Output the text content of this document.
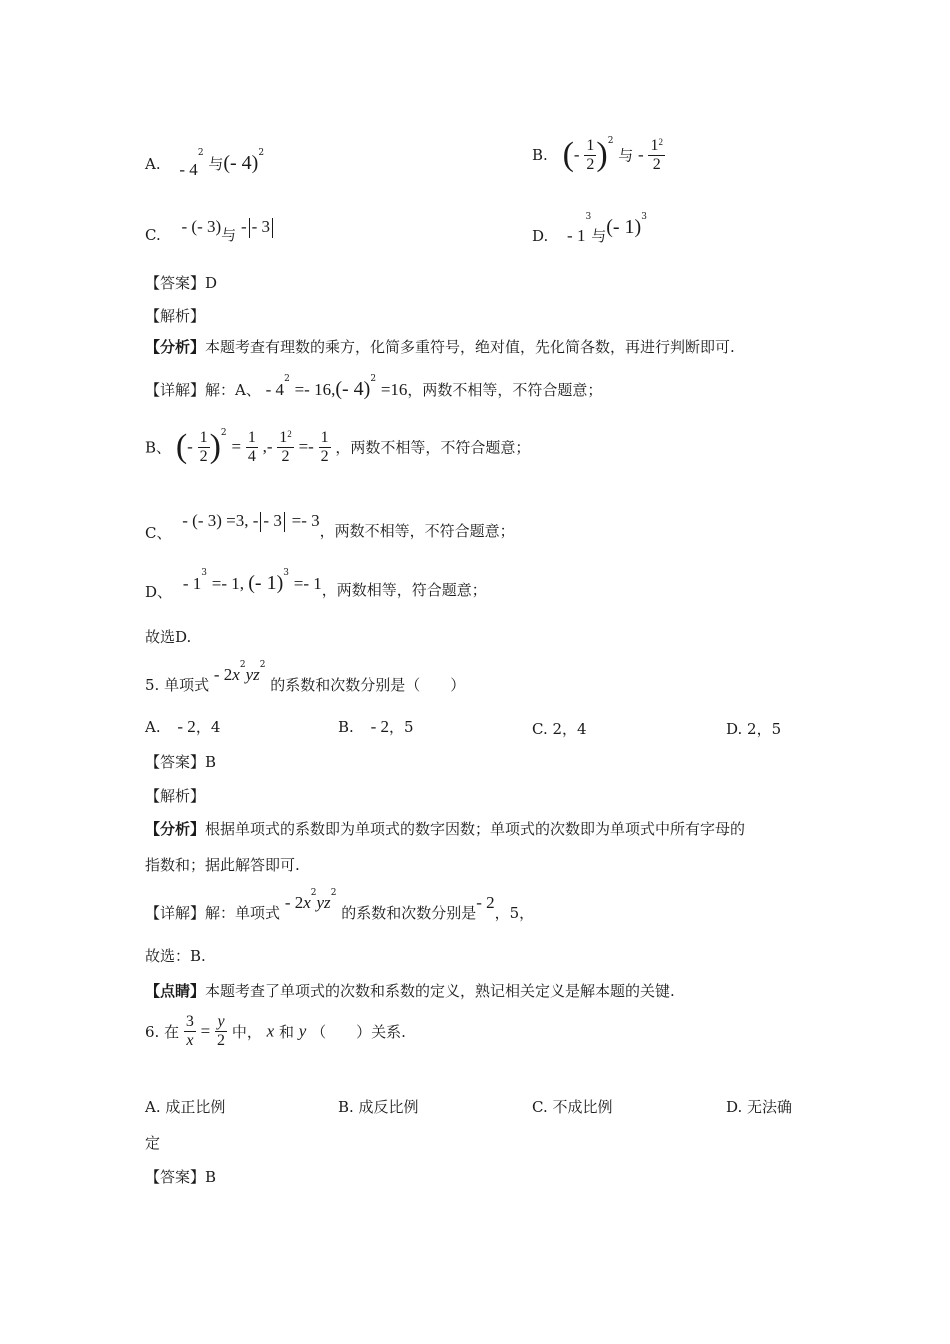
A. - $4^2$ 与(- 4)$^2$	B. (- $\frac{1}{2} )^2$ 与 - $\frac{1^2}{2}$
C. - (- 3)与 - - 3	D. - $1^3$与(- 1)$^3$
【答案】D
【解析】
【分析】本题考查有理数的乘方，化简多重符号，绝对值，先化简各数，再进行判断即可.
【详解】解：A、 - $4^2 =- 16,(-$ 4)$^2$ =16，两数不相等，不符合题意；
B、 (- $\frac{1}{2} )^2 = \frac{1}{4}$ ,- $\frac{1^2}{2} =- \frac{1}{2}$ ，两数不相等，不符合题意；
C、 - (- 3) =3, - - 3 =- 3，两数不相等，不符合题意；
D、 - $1^3 =- 1$, (- 1)$^3$ =- 1，两数相等，符合题意；
故选D.
5. 单项式 - $2x^2yz^2$ 的系数和次数分别是（　　）
A. - 2，4	B. - 2，5	C. 2，4	D. 2，5
【答案】B
【解析】
【分析】根据单项式的系数即为单项式的数字因数；单项式的次数即为单项式中所有字母的
指数和；据此解答即可.
【详解】解：单项式 - $2x^2yz^2$ 的系数和次数分别是- 2，5，
故选：B.
【点睛】本题考查了单项式的次数和系数的定义，熟记相关定义是解本题的关键.
6. 在 $\frac{3}{x} = \frac{y}{2}$ 中， x 和 y （　　）关系.
A. 成正比例	B. 成反比例	C. 不成比例	D. 无法确
定
【答案】B
